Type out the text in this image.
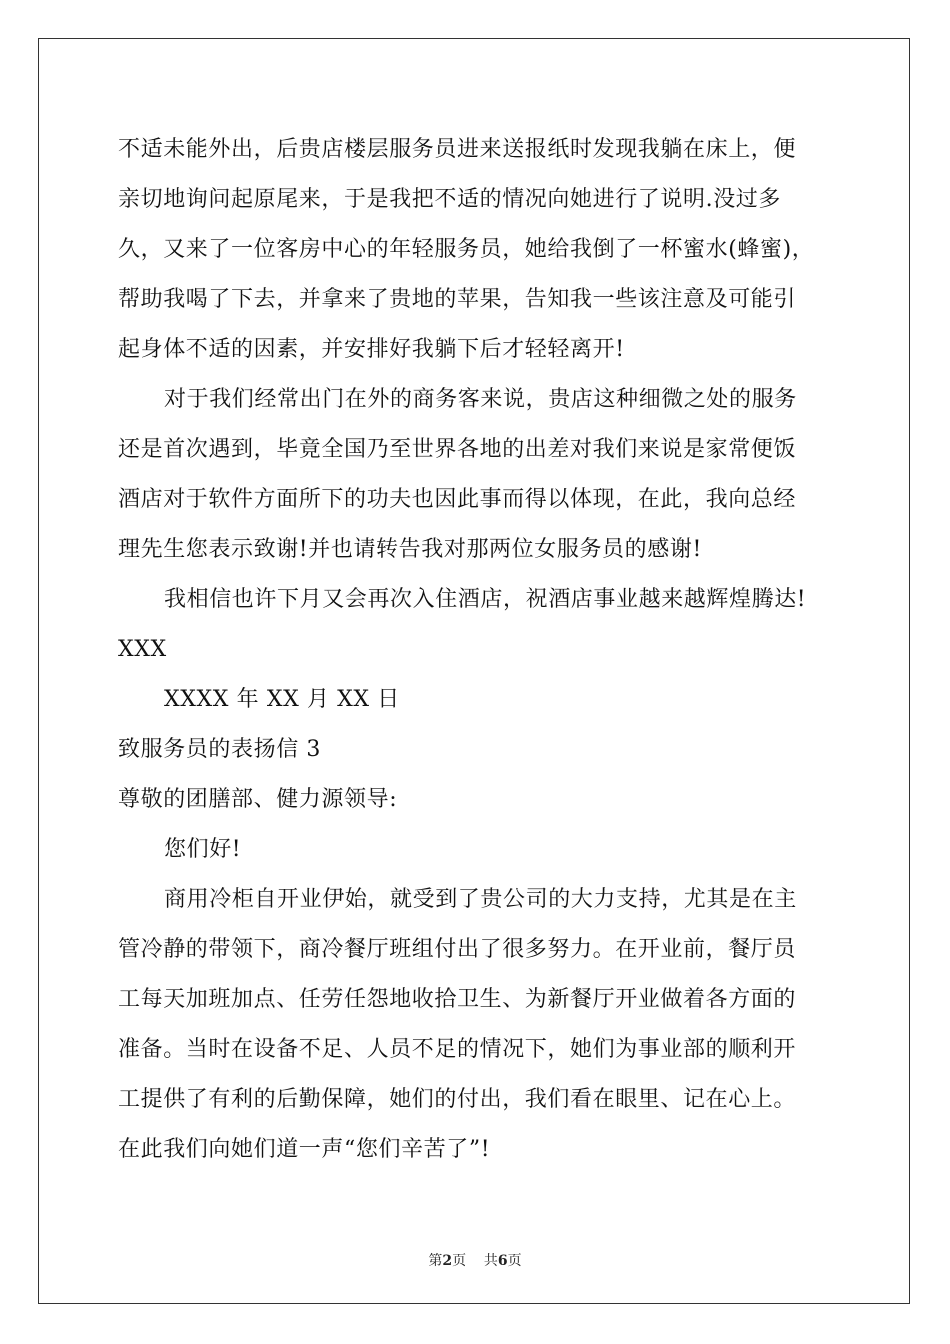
不适未能外出，后贵店楼层服务员进来送报纸时发现我躺在床上，便
亲切地询问起原尾来，于是我把不适的情况向她进行了说明.没过多
久，又来了一位客房中心的年轻服务员，她给我倒了一杯蜜水(蜂蜜)，
帮助我喝了下去，并拿来了贵地的苹果，告知我一些该注意及可能引
起身体不适的因素，并安排好我躺下后才轻轻离开!
对于我们经常出门在外的商务客来说，贵店这种细微之处的服务
还是首次遇到，毕竟全国乃至世界各地的出差对我们来说是家常便饭
酒店对于软件方面所下的功夫也因此事而得以体现，在此，我向总经
理先生您表示致谢!并也请转告我对那两位女服务员的感谢!
我相信也许下月又会再次入住酒店，祝酒店事业越来越辉煌腾达!
XXX
XXXX 年 XX 月 XX 日
致服务员的表扬信 3
尊敬的团膳部、健力源领导:
您们好!
商用冷柜自开业伊始，就受到了贵公司的大力支持，尤其是在主
管冷静的带领下，商冷餐厅班组付出了很多努力。在开业前，餐厅员
工每天加班加点、任劳任怨地收拾卫生、为新餐厅开业做着各方面的
准备。当时在设备不足、人员不足的情况下，她们为事业部的顺利开
工提供了有利的后勤保障，她们的付出，我们看在眼里、记在心上。
在此我们向她们道一声“您们辛苦了”!
第2页 共6页
